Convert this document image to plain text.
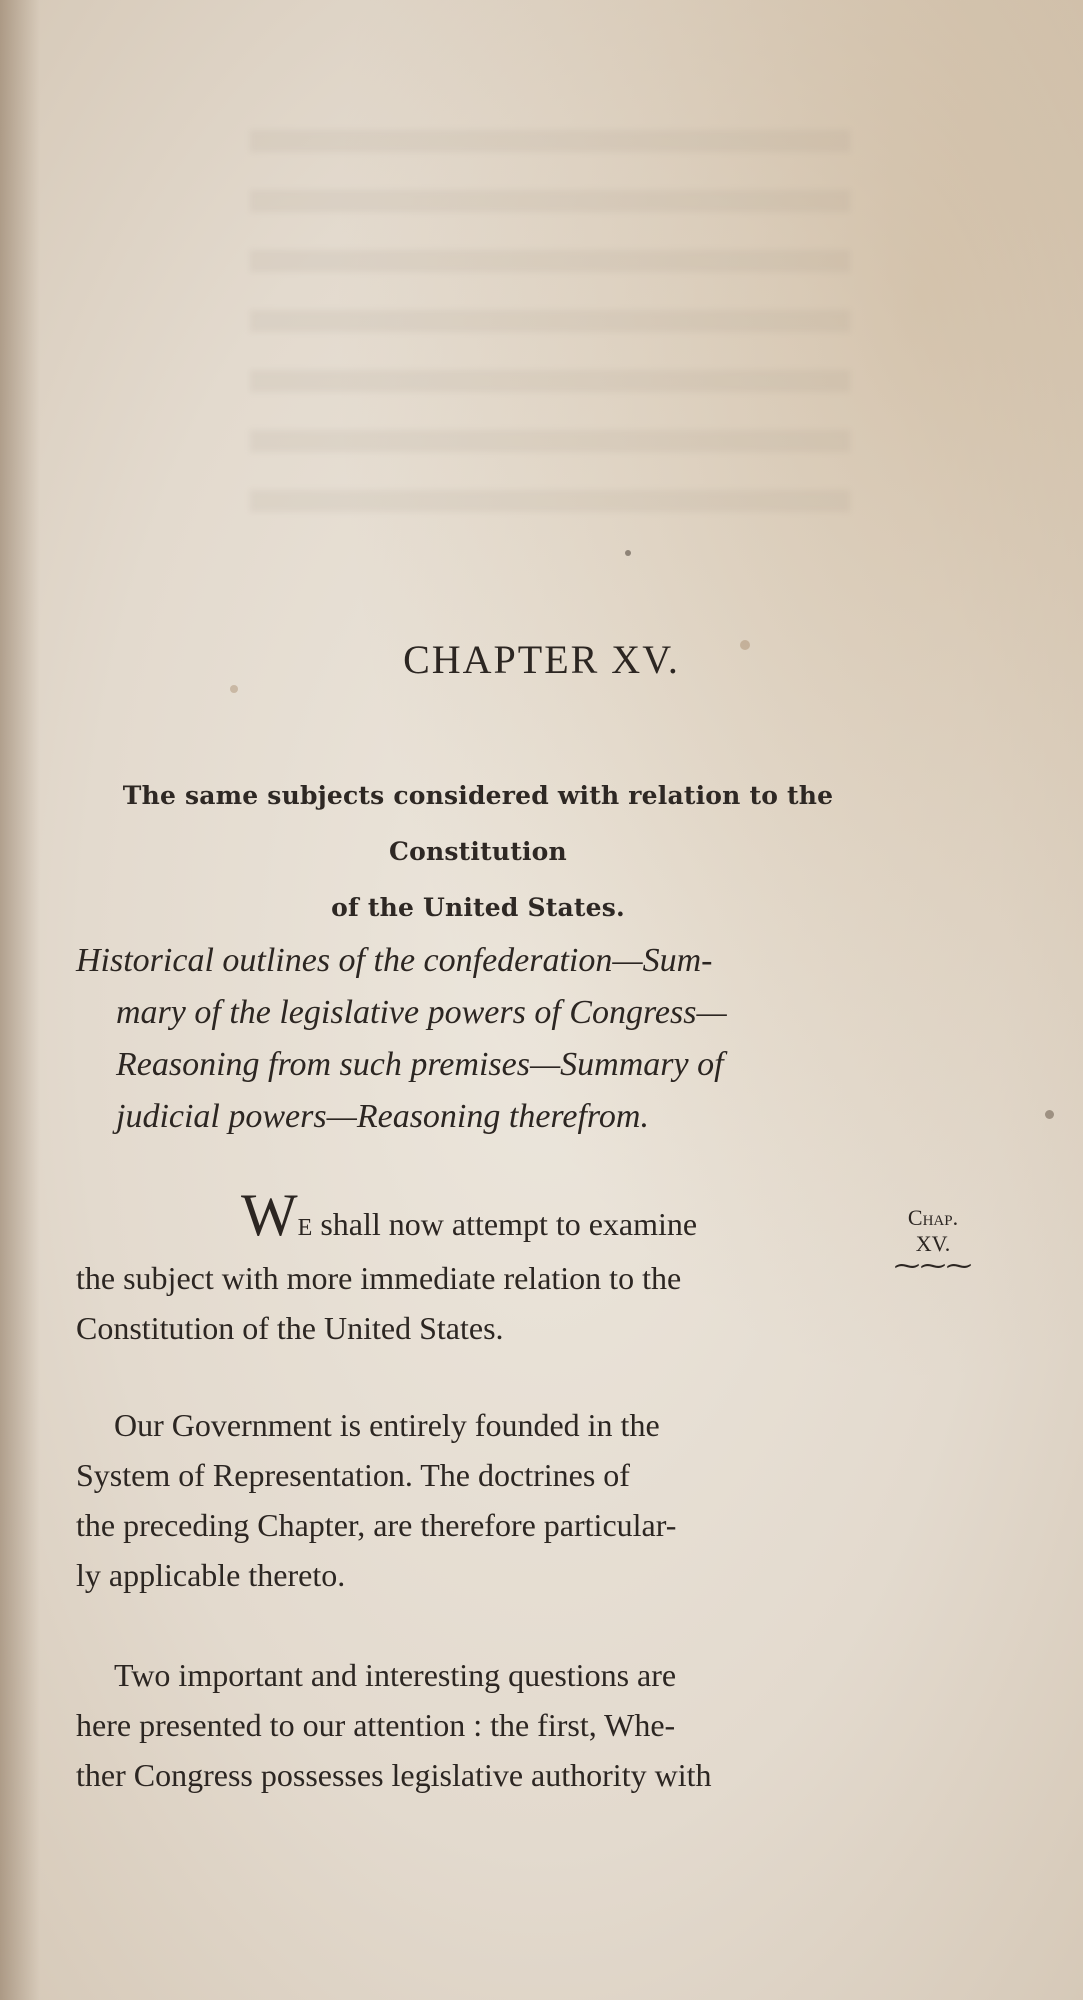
CHAPTER XV.
The same subjects considered with relation to the Constitution
of the United States.
Historical outlines of the confederation—Sum-
mary of the legislative powers of Congress—
Reasoning from such premises—Summary of
judicial powers—Reasoning therefrom.
WE shall now attempt to examine
the subject with more immediate relation to the
Constitution of the United States.
Chap.
XV.
⁓⁓⁓
Our Government is entirely founded in the
System of Representation. The doctrines of
the preceding Chapter, are therefore particular-
ly applicable thereto.
Two important and interesting questions are
here presented to our attention : the first, Whe-
ther Congress possesses legislative authority with
